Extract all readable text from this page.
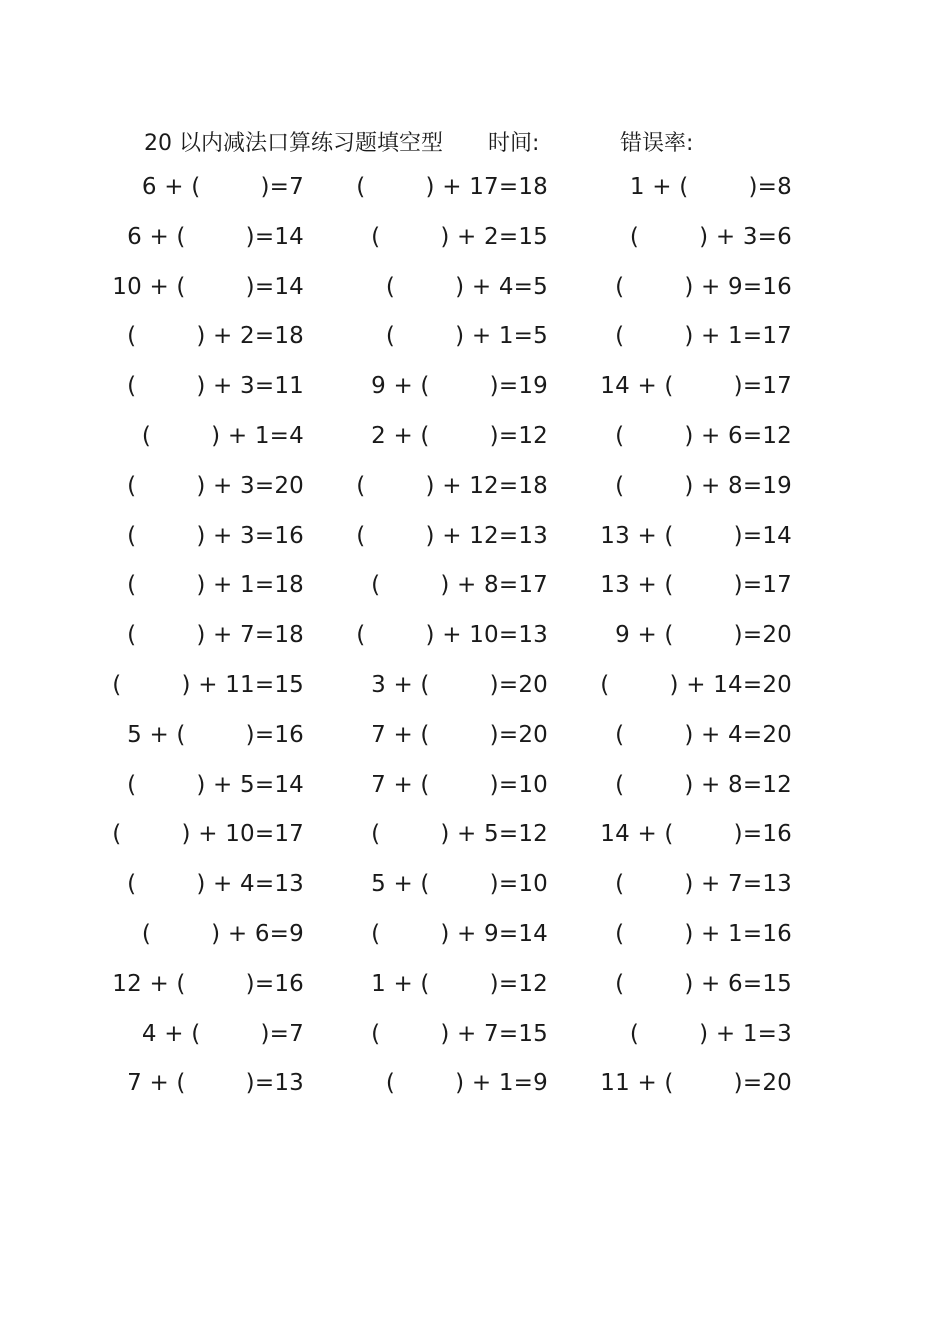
20 以内减法口算练习题填空型 时间:	错误率:
6 + (        )=7	(        ) + 17=18	1 + (        )=8
6 + (        )=14	(        ) + 2=15	(        ) + 3=6
10 + (        )=14	(        ) + 4=5	(        ) + 9=16
(        ) + 2=18	(        ) + 1=5	(        ) + 1=17
(        ) + 3=11	9 + (        )=19	14 + (        )=17
(        ) + 1=4	2 + (        )=12	(        ) + 6=12
(        ) + 3=20	(        ) + 12=18	(        ) + 8=19
(        ) + 3=16	(        ) + 12=13	13 + (        )=14
(        ) + 1=18	(        ) + 8=17	13 + (        )=17
(        ) + 7=18	(        ) + 10=13	9 + (        )=20
(        ) + 11=15	3 + (        )=20	(        ) + 14=20
5 + (        )=16	7 + (        )=20	(        ) + 4=20
(        ) + 5=14	7 + (        )=10	(        ) + 8=12
(        ) + 10=17	(        ) + 5=12	14 + (        )=16
(        ) + 4=13	5 + (        )=10	(        ) + 7=13
(        ) + 6=9	(        ) + 9=14	(        ) + 1=16
12 + (        )=16	1 + (        )=12	(        ) + 6=15
4 + (        )=7	(        ) + 7=15	(        ) + 1=3
7 + (        )=13	(        ) + 1=9	11 + (        )=20
